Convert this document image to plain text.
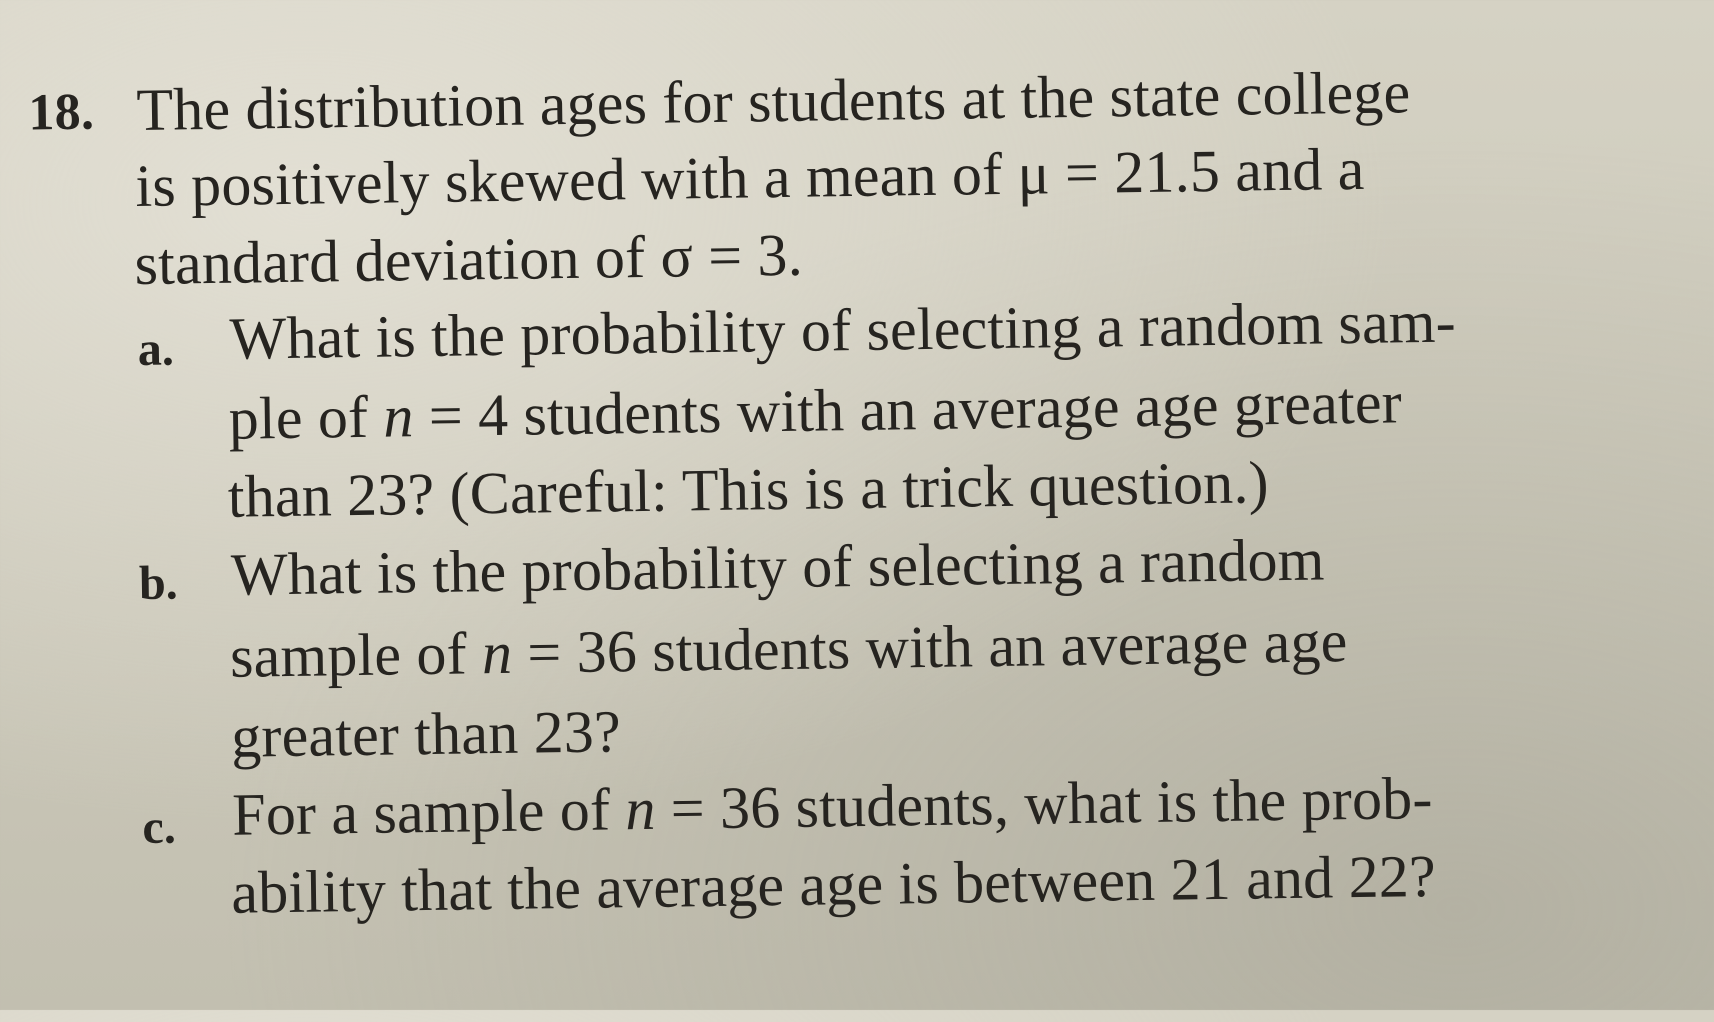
18. The distribution ages for students at the state college
is positively skewed with a mean of μ = 21.5 and a
standard deviation of σ = 3.
a. What is the probability of selecting a random sam-
ple of n = 4 students with an average age greater
than 23? (Careful: This is a trick question.)
b. What is the probability of selecting a random
sample of n = 36 students with an average age
greater than 23?
c. For a sample of n = 36 students, what is the prob-
ability that the average age is between 21 and 22?
